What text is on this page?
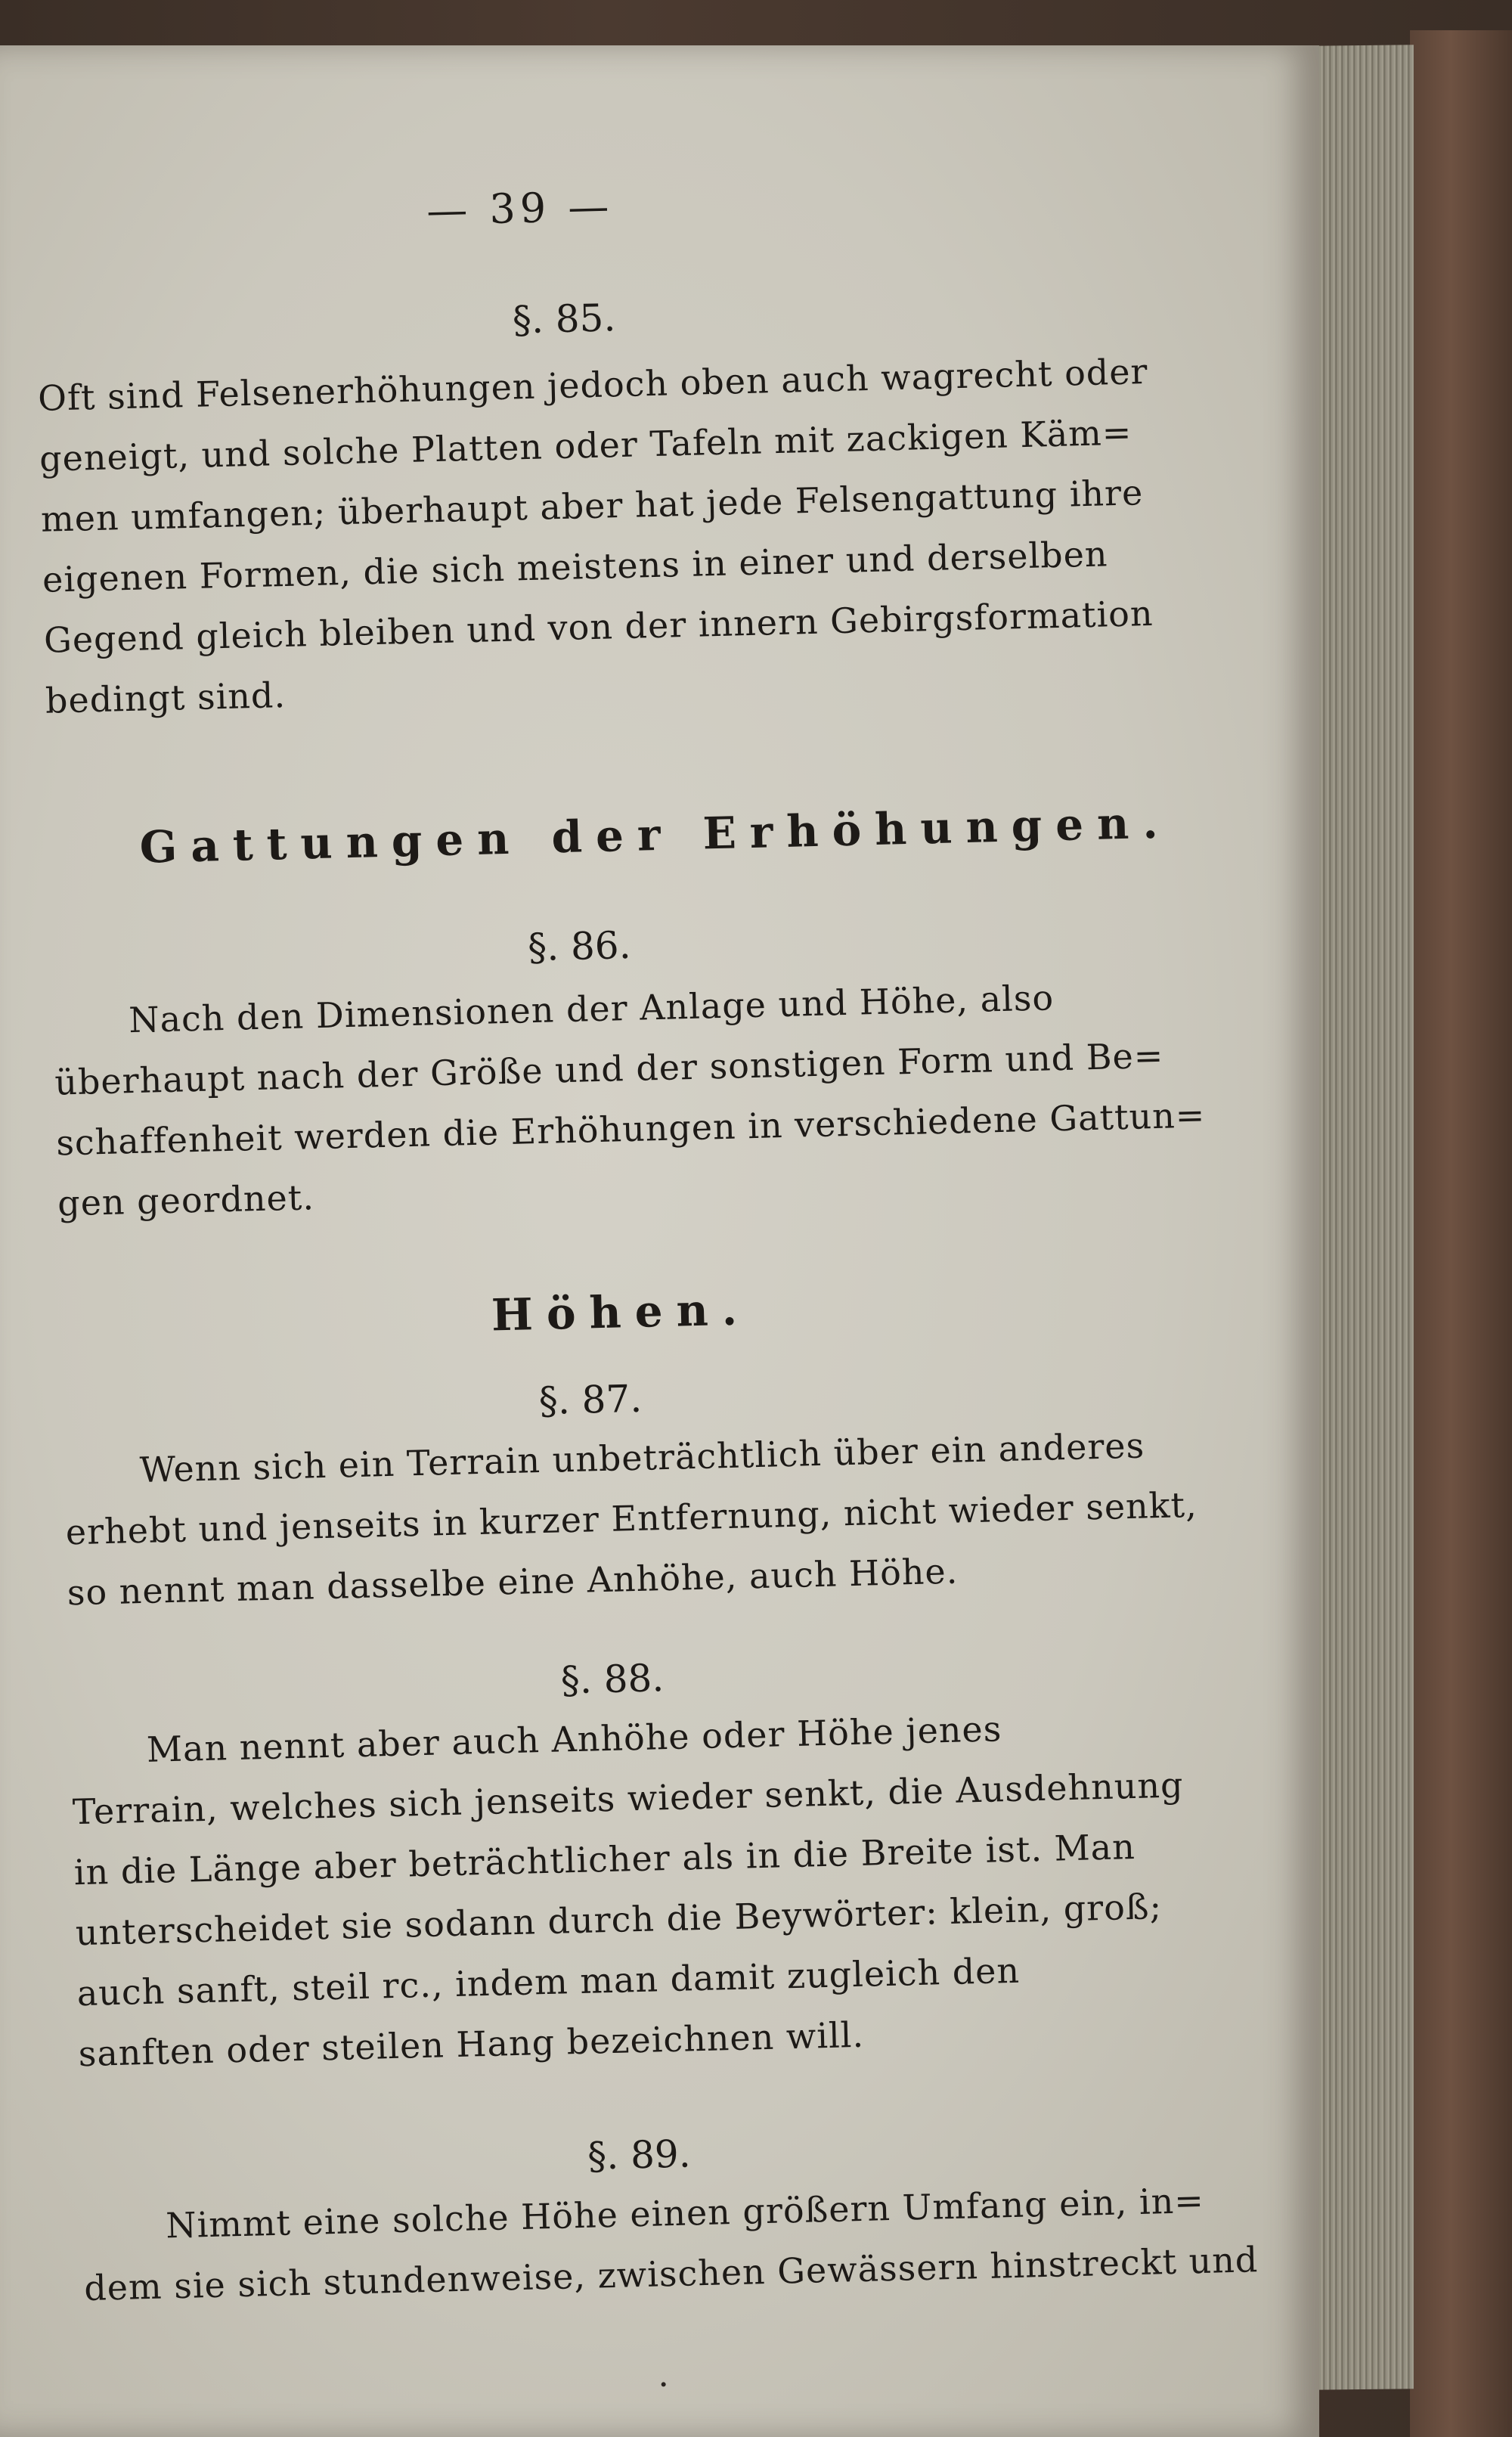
— 39 —
§. 85.
Oft sind Felsenerhöhungen jedoch oben auch wagrecht oder
geneigt, und solche Platten oder Tafeln mit zackigen Käm=
men umfangen; überhaupt aber hat jede Felsengattung ihre
eigenen Formen, die sich meistens in einer und derselben
Gegend gleich bleiben und von der innern Gebirgsformation
bedingt sind.
Gattungen der Erhöhungen.
§. 86.
Nach den Dimensionen der Anlage und Höhe, also
überhaupt nach der Größe und der sonstigen Form und Be=
schaffenheit werden die Erhöhungen in verschiedene Gattun=
gen geordnet.
Höhen.
§. 87.
Wenn sich ein Terrain unbeträchtlich über ein anderes
erhebt und jenseits in kurzer Entfernung, nicht wieder senkt,
so nennt man dasselbe eine Anhöhe, auch Höhe.
§. 88.
Man nennt aber auch Anhöhe oder Höhe jenes
Terrain, welches sich jenseits wieder senkt, die Ausdehnung
in die Länge aber beträchtlicher als in die Breite ist. Man
unterscheidet sie sodann durch die Beywörter: klein, groß;
auch sanft, steil rc., indem man damit zugleich den
sanften oder steilen Hang bezeichnen will.
§. 89.
Nimmt eine solche Höhe einen größern Umfang ein, in=
dem sie sich stundenweise, zwischen Gewässern hinstreckt und
